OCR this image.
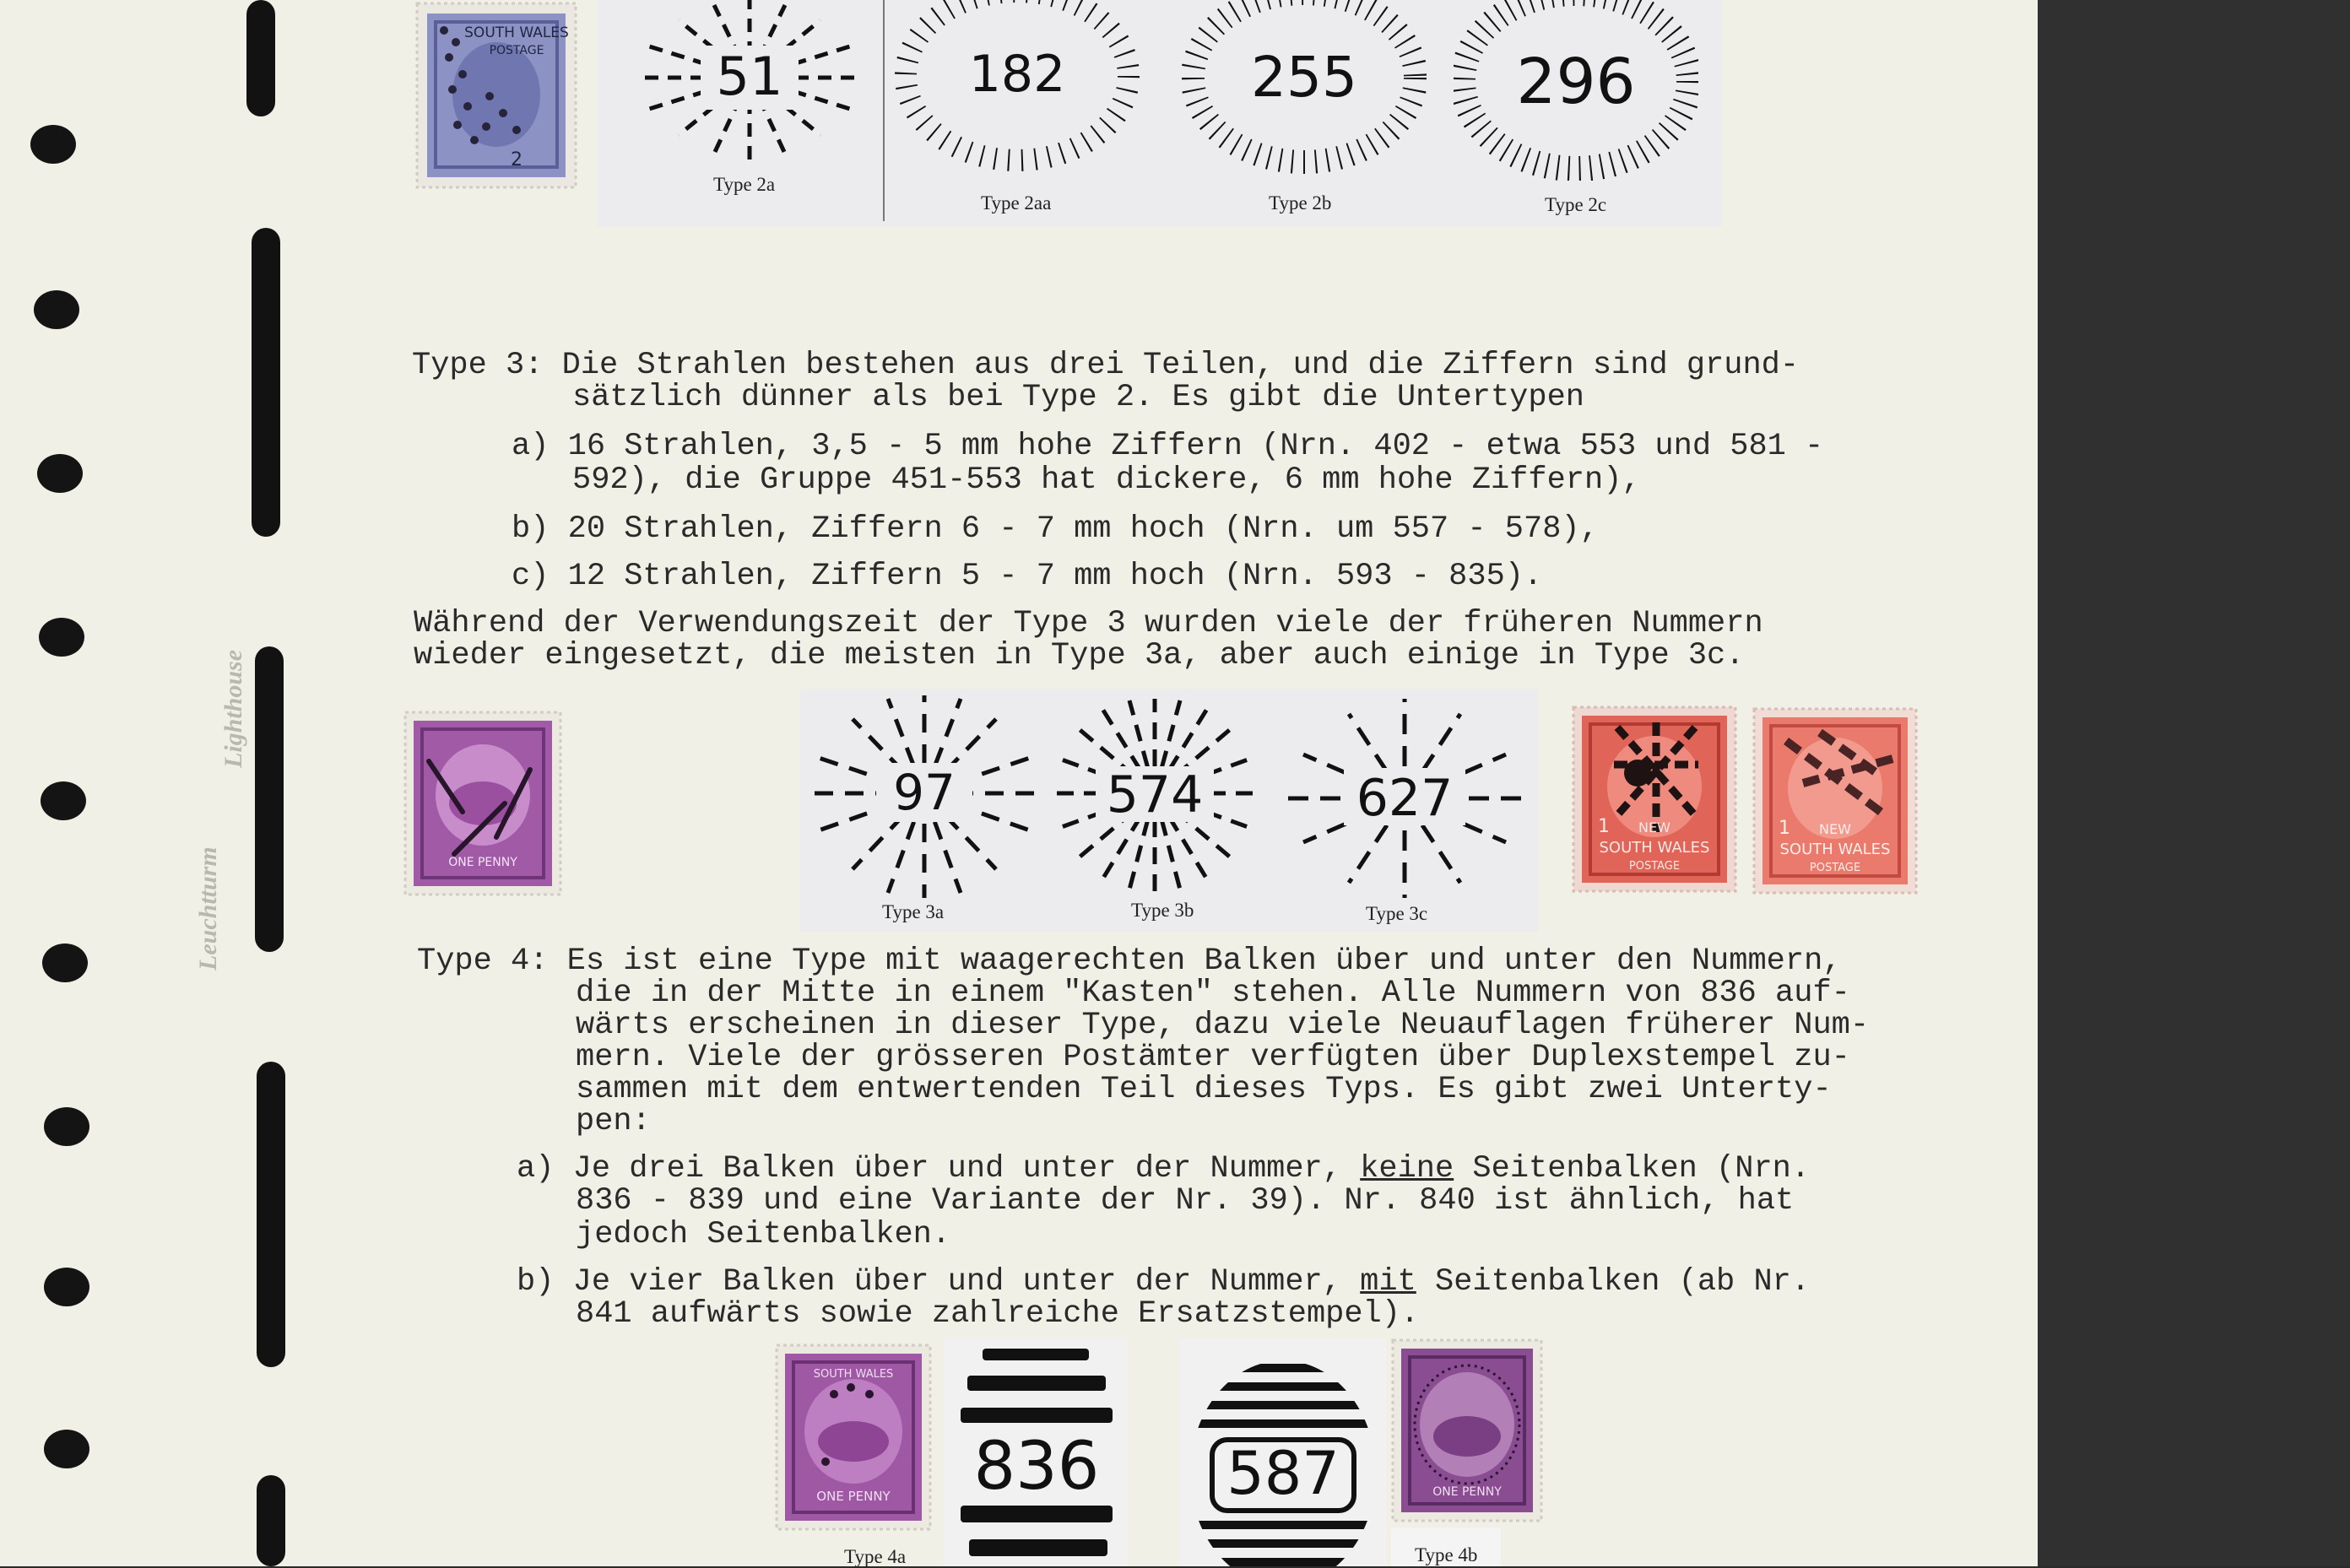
Leuchtturm
Lighthouse
SOUTH WALES
POSTAGE
2
51
Type 2a
182
Type 2aa
255
Type 2b
296
Type 2c
Type 3: Die Strahlen bestehen aus drei Teilen, und die Ziffern sind grund-
sätzlich dünner als bei Type 2. Es gibt die Untertypen
a) 16 Strahlen, 3,5 - 5 mm hohe Ziffern (Nrn. 402 - etwa 553 und 581 -
592), die Gruppe 451-553 hat dickere, 6 mm hohe Ziffern),
b) 20 Strahlen, Ziffern 6 - 7 mm hoch (Nrn. um 557 - 578),
c) 12 Strahlen, Ziffern 5 - 7 mm hoch (Nrn. 593 - 835).
Während der Verwendungszeit der Type 3 wurden viele der früheren Nummern
wieder eingesetzt, die meisten in Type 3a, aber auch einige in Type 3c.
ONE PENNY
97
Type 3a
574
Type 3b
627
Type 3c
NEW
SOUTH WALES
POSTAGE
1	NEW
SOUTH WALES
POSTAGE
1
Type 4: Es ist eine Type mit waagerechten Balken über und unter den Nummern,
die in der Mitte in einem "Kasten" stehen. Alle Nummern von 836 auf-
wärts erscheinen in dieser Type, dazu viele Neuauflagen früherer Num-
mern. Viele der grösseren Postämter verfügten über Duplexstempel zu-
sammen mit dem entwertenden Teil dieses Typs. Es gibt zwei Unterty-
pen:
a) Je drei Balken über und unter der Nummer, keine Seitenbalken (Nrn.
836 - 839 und eine Variante der Nr. 39). Nr. 840 ist ähnlich, hat
jedoch Seitenbalken.
b) Je vier Balken über und unter der Nummer, mit Seitenbalken (ab Nr.
841 aufwärts sowie zahlreiche Ersatzstempel).
SOUTH WALES
ONE PENNY 836
Type 4a
587	ONE PENNY
Type 4b
